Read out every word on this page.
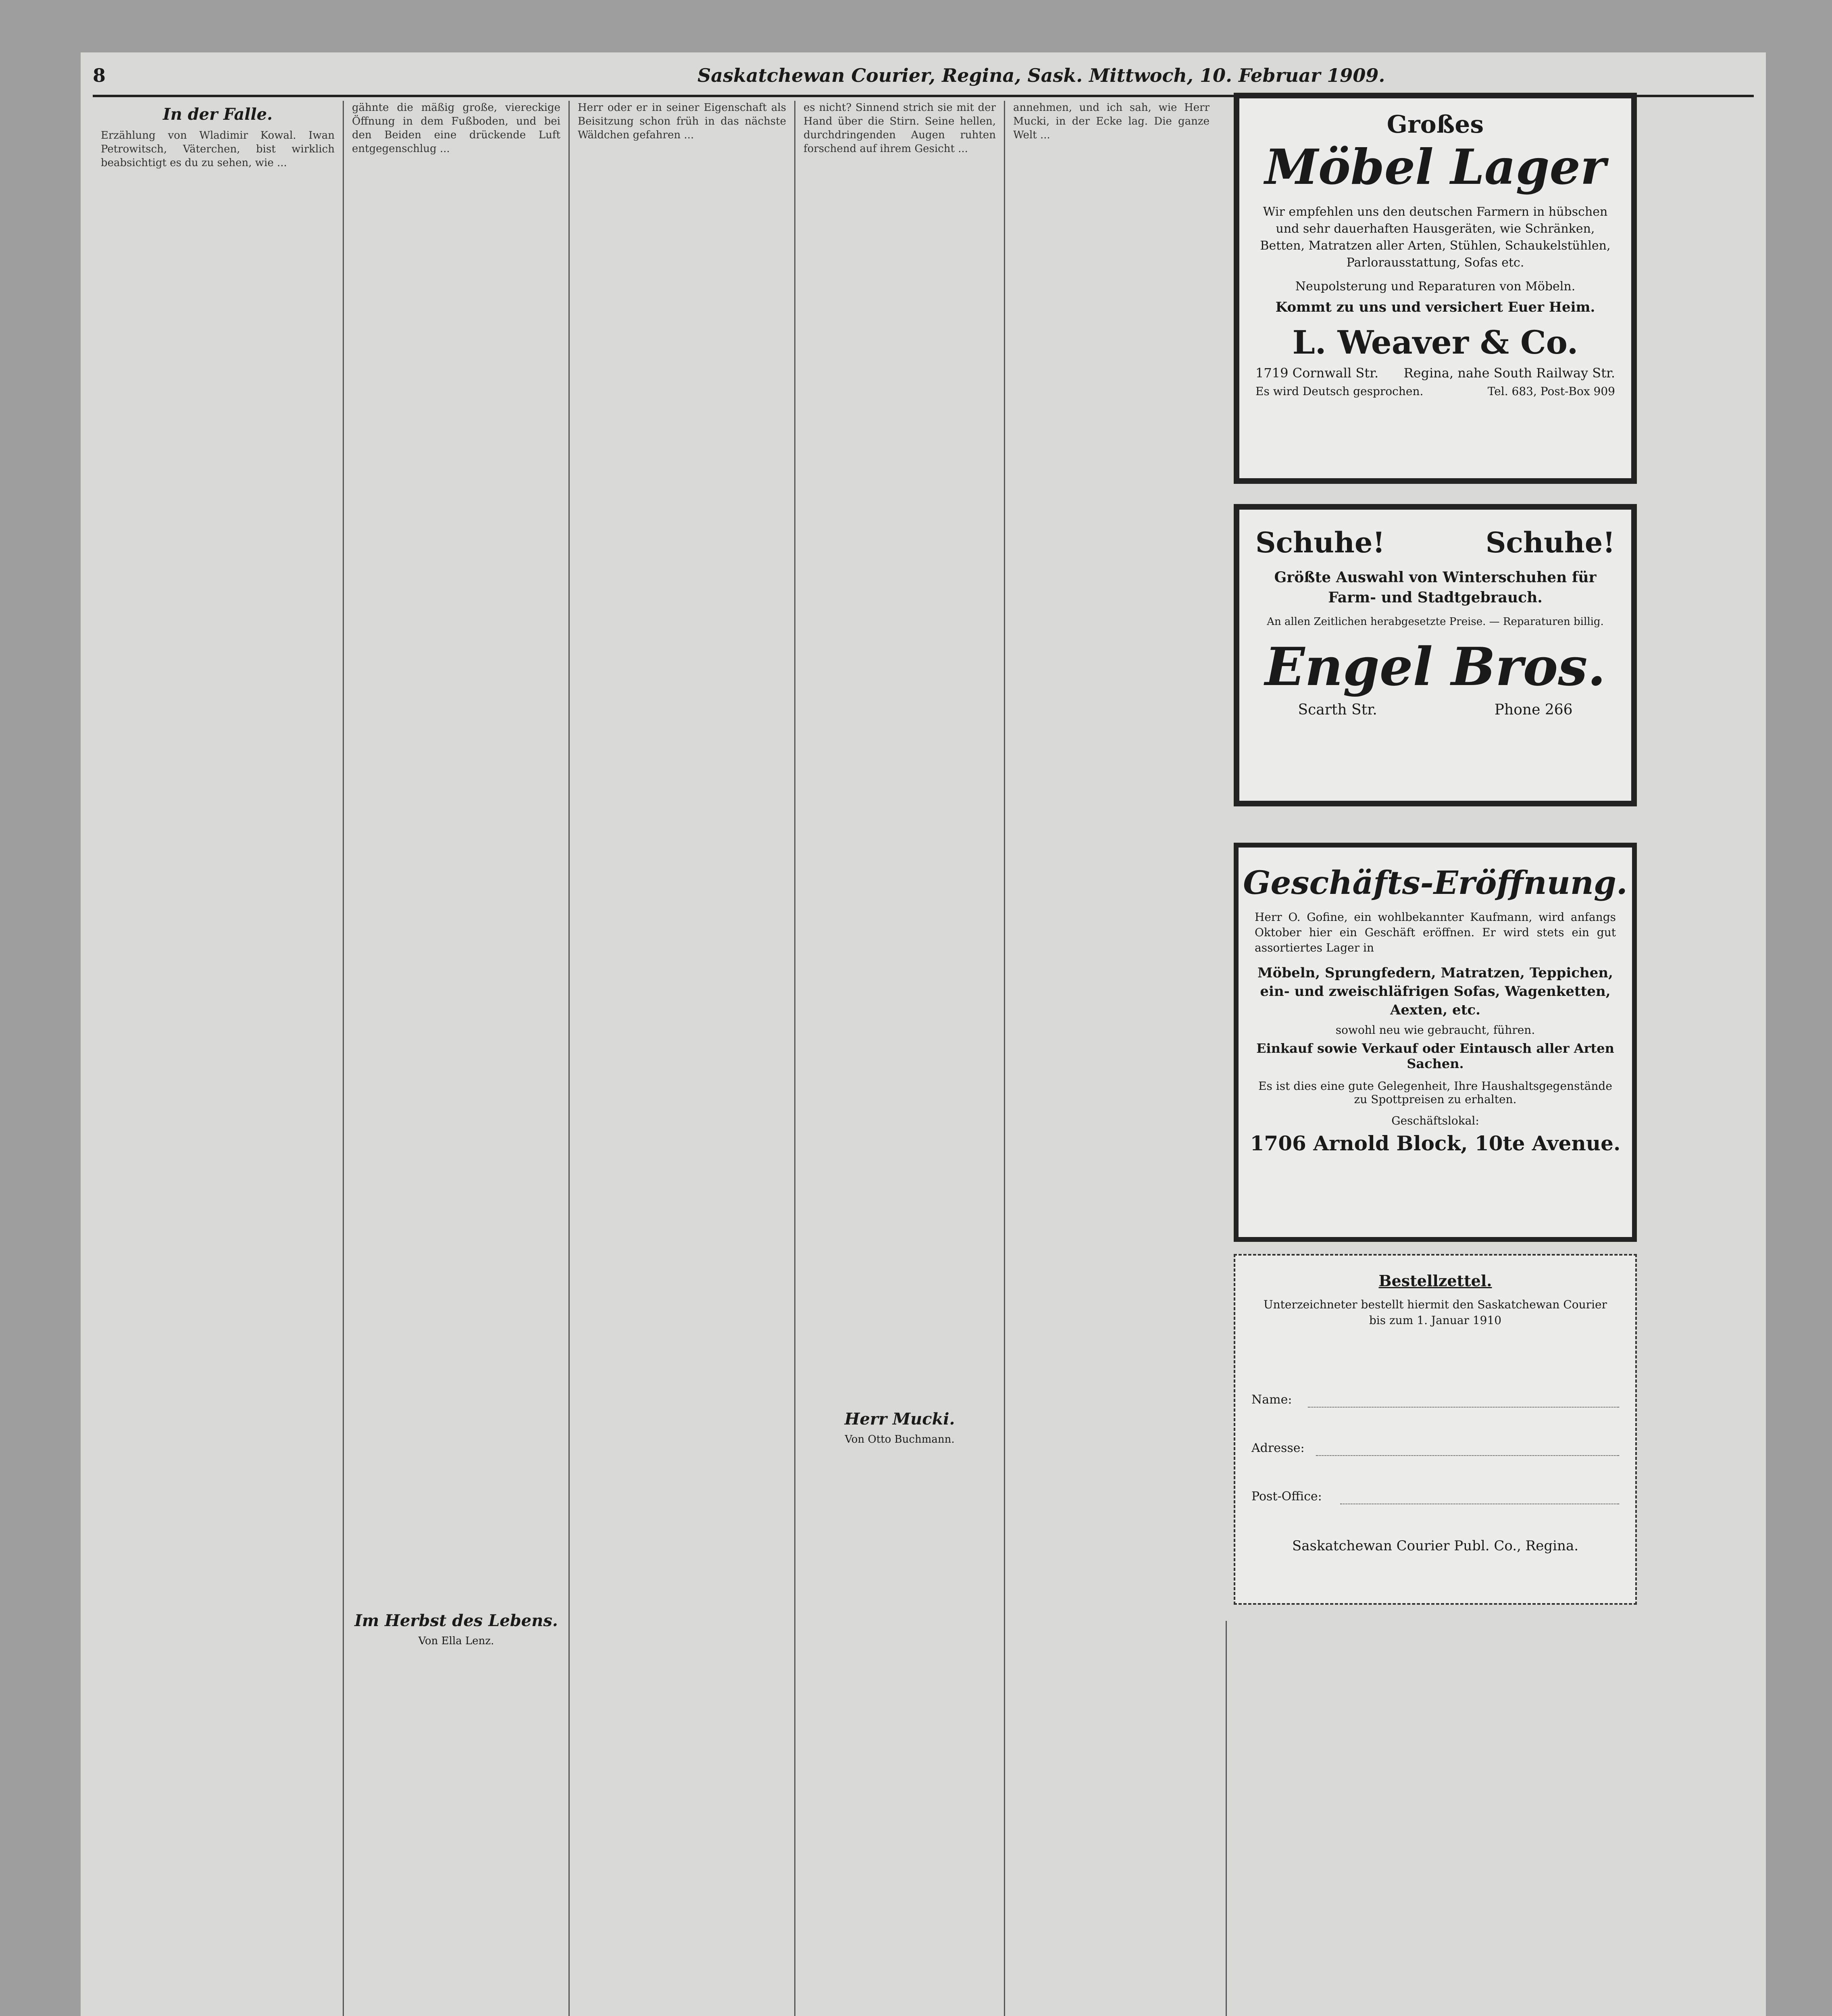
8	Saskatchewan Courier, Regina, Sask. Mittwoch, 10. Februar 1909.
In der Falle.
Erzählung von Wladimir Kowal. Iwan Petrowitsch, Väterchen, bist wirklich beabsichtigt es du zu sehen, wie ...
gähnte die mäßig große, viereckige Öffnung in dem Fußboden, und bei den Beiden eine drückende Luft entgegenschlug ...
Im Herbst des Lebens.
Von Ella Lenz.
Herr oder er in seiner Eigenschaft als Beisitzung schon früh in das nächste Wäldchen gefahren ...
es nicht? Sinnend strich sie mit der Hand über die Stirn. Seine hellen, durchdringenden Augen ruhten forschend auf ihrem Gesicht ...
Herr Mucki.
Von Otto Buchmann.
annehmen, und ich sah, wie Herr Mucki, in der Ecke lag. Die ganze Welt ...	Großes
Möbel Lager
Wir empfehlen uns den deutschen Farmern in hübschen und sehr dauerhaften Hausgeräten, wie Schränken, Betten, Matratzen aller Arten, Stühlen, Schaukelstühlen, Parlorausstattung, Sofas etc.
Neupolsterung und Reparaturen von Möbeln.
Kommt zu uns und versichert Euer Heim.
L. Weaver & Co.
1719 Cornwall Str. Regina, nahe South Railway Str.
Es wird Deutsch gesprochen.	Tel. 683, Post-Box 909
Schuhe!	Schuhe!
Größte Auswahl von Winterschuhen für Farm- und Stadtgebrauch.
An allen Zeitlichen herabgesetzte Preise. — Reparaturen billig.
Engel Bros.
Scarth Str.	Phone 266
Geschäfts-Eröffnung.
Herr O. Gofine, ein wohlbekannter Kaufmann, wird anfangs Oktober hier ein Geschäft eröffnen. Er wird stets ein gut assortiertes Lager in
Möbeln, Sprungfedern, Matratzen, Teppichen, ein- und zweischläfrigen Sofas, Wagenketten, Aexten, etc.
sowohl neu wie gebraucht, führen.
Einkauf sowie Verkauf oder Eintausch aller Arten Sachen.
Es ist dies eine gute Gelegenheit, Ihre Haushaltsgegenstände zu Spottpreisen zu erhalten.
Geschäftslokal:
1706 Arnold Block, 10te Avenue.
Bestellzettel.
Unterzeichneter bestellt hiermit den Saskatchewan Courier
bis zum 1. Januar 1910
Name:
Adresse:
Post-Office:
Saskatchewan Courier Publ. Co., Regina.
